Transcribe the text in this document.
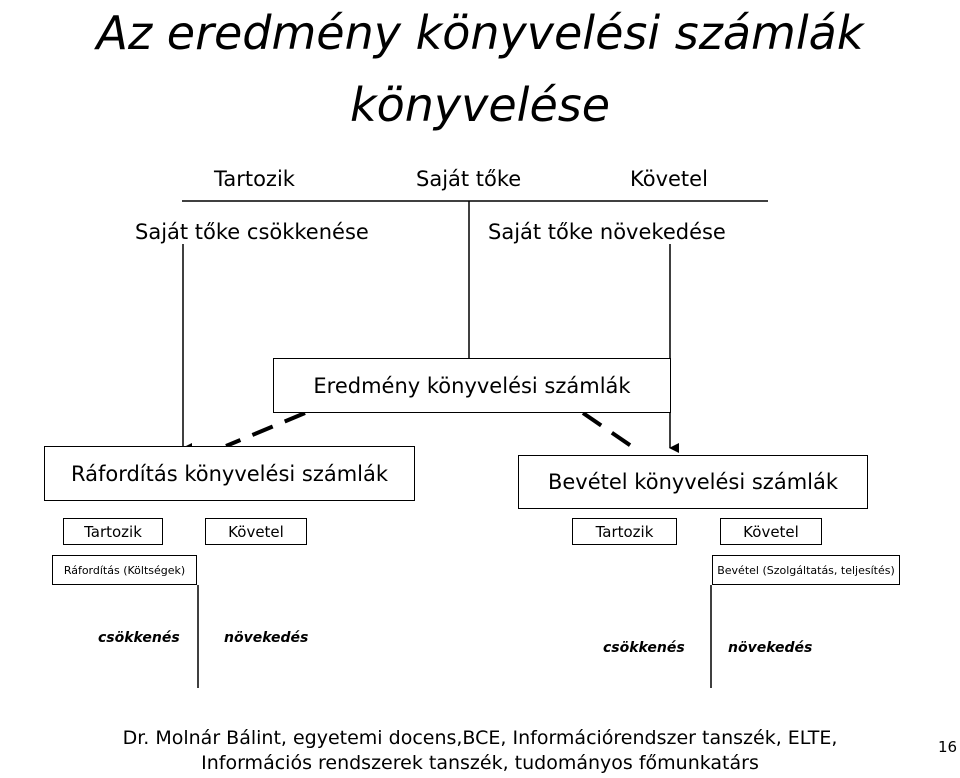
Az eredmény könyvelési számlák
könyvelése
Tartozik	Saját tőke	Követel
Saját tőke csökkenése	Saját tőke növekedése
Eredmény könyvelési számlák
Ráfordítás könyvelési számlák	Bevétel könyvelési számlák
Tartozik	Követel
Ráfordítás (Költségek)
Tartozik	Követel
Bevétel (Szolgáltatás, teljesítés)
csökkenés	növekedés
csökkenés	növekedés
Dr. Molnár Bálint, egyetemi docens,BCE, Információrendszer tanszék, ELTE,
Információs rendszerek tanszék, tudományos főmunkatárs
16
